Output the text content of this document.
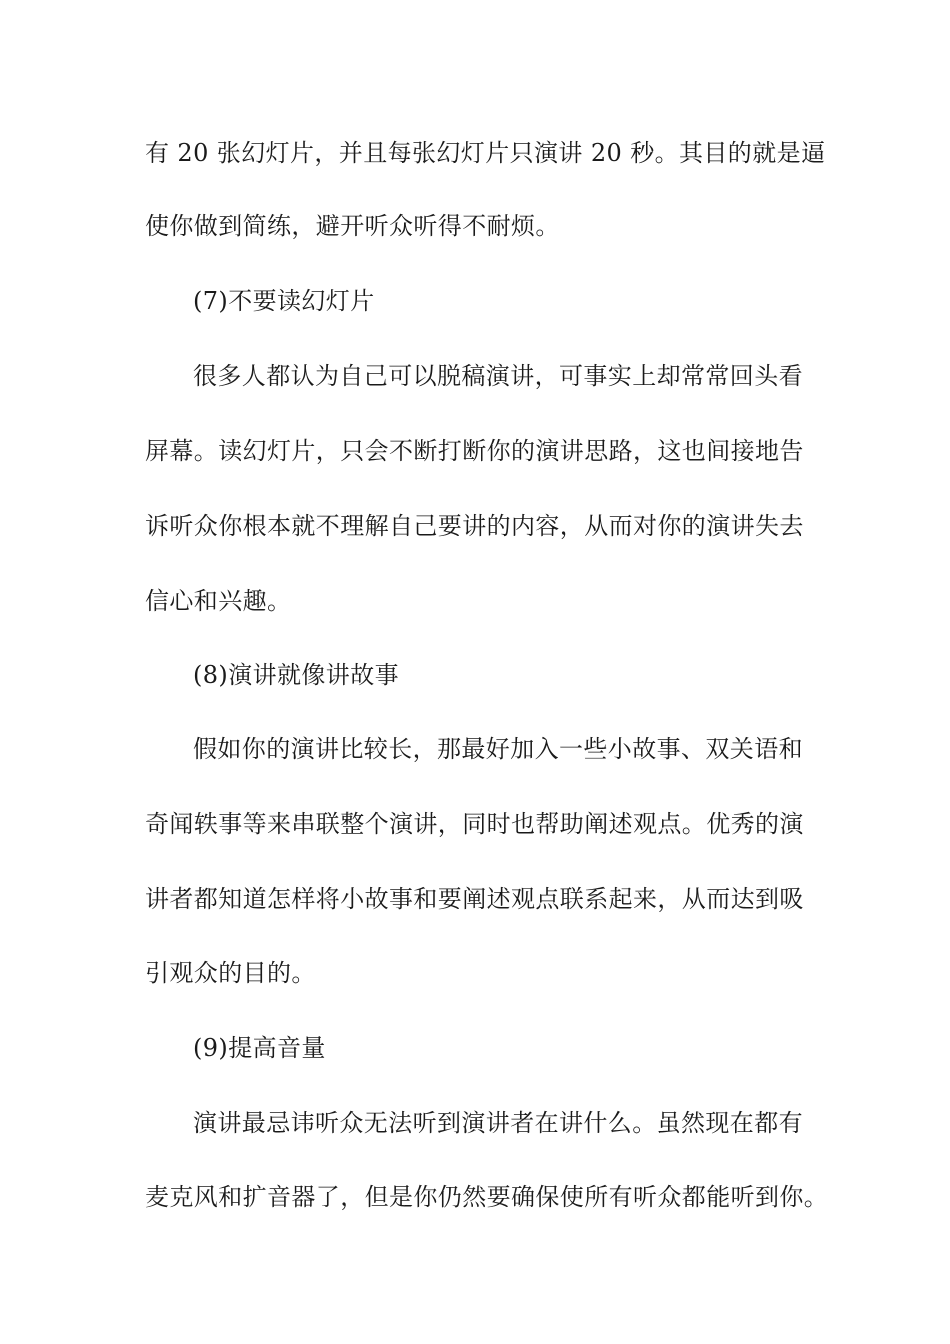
有 20 张幻灯片，并且每张幻灯片只演讲 20 秒。其目的就是逼
使你做到简练，避开听众听得不耐烦。
(7)不要读幻灯片
很多人都认为自己可以脱稿演讲，可事实上却常常回头看
屏幕。读幻灯片，只会不断打断你的演讲思路，这也间接地告
诉听众你根本就不理解自己要讲的内容，从而对你的演讲失去
信心和兴趣。
(8)演讲就像讲故事
假如你的演讲比较长，那最好加入一些小故事、双关语和
奇闻轶事等来串联整个演讲，同时也帮助阐述观点。优秀的演
讲者都知道怎样将小故事和要阐述观点联系起来，从而达到吸
引观众的目的。
(9)提高音量
演讲最忌讳听众无法听到演讲者在讲什么。虽然现在都有
麦克风和扩音器了，但是你仍然要确保使所有听众都能听到你。
